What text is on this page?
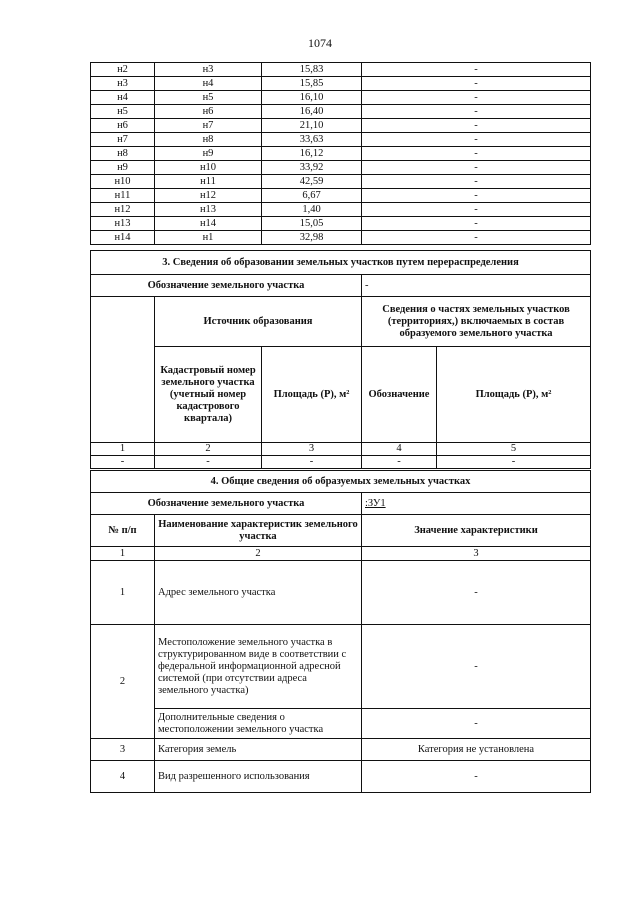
1074
н2	н3	15,83	-
н3	н4	15,85	-
н4	н5	16,10	-
н5	н6	16,40	-
н6	н7	21,10	-
н7	н8	33,63	-
н8	н9	16,12	-
н9	н10	33,92	-
н10	н11	42,59	-
н11	н12	6,67	-
н12	н13	1,40	-
н13	н14	15,05	-
н14	н1	32,98	-
3. Сведения об образовании земельных участков путем перераспределения				
Обозначение земельного участка			-	
	Источник образования		Сведения о частях земельных участков (территориях,) включаемых в состав образуемого земельного участка	
	Кадастровый номер земельного участка (учетный номер кадастрового квартала)	Площадь (Р), м²	Обозначение	Площадь (Р), м²
1	2	3	4	5
-	-	-	-	-
4. Общие сведения об образуемых земельных участках		
Обозначение земельного участка		:ЗУ1
№ п/п	Наименование характеристик земельного участка	Значение характеристики
1	2	3
1	Адрес земельного участка	-
2	Местоположение земельного участка в структурированном виде в соответствии с федеральной информационной адресной системой (при отсутствии адреса земельного участка)	-
	Дополнительные сведения о местоположении земельного участка	-
3	Категория земель	Категория не установлена
4	Вид разрешенного использования	-
